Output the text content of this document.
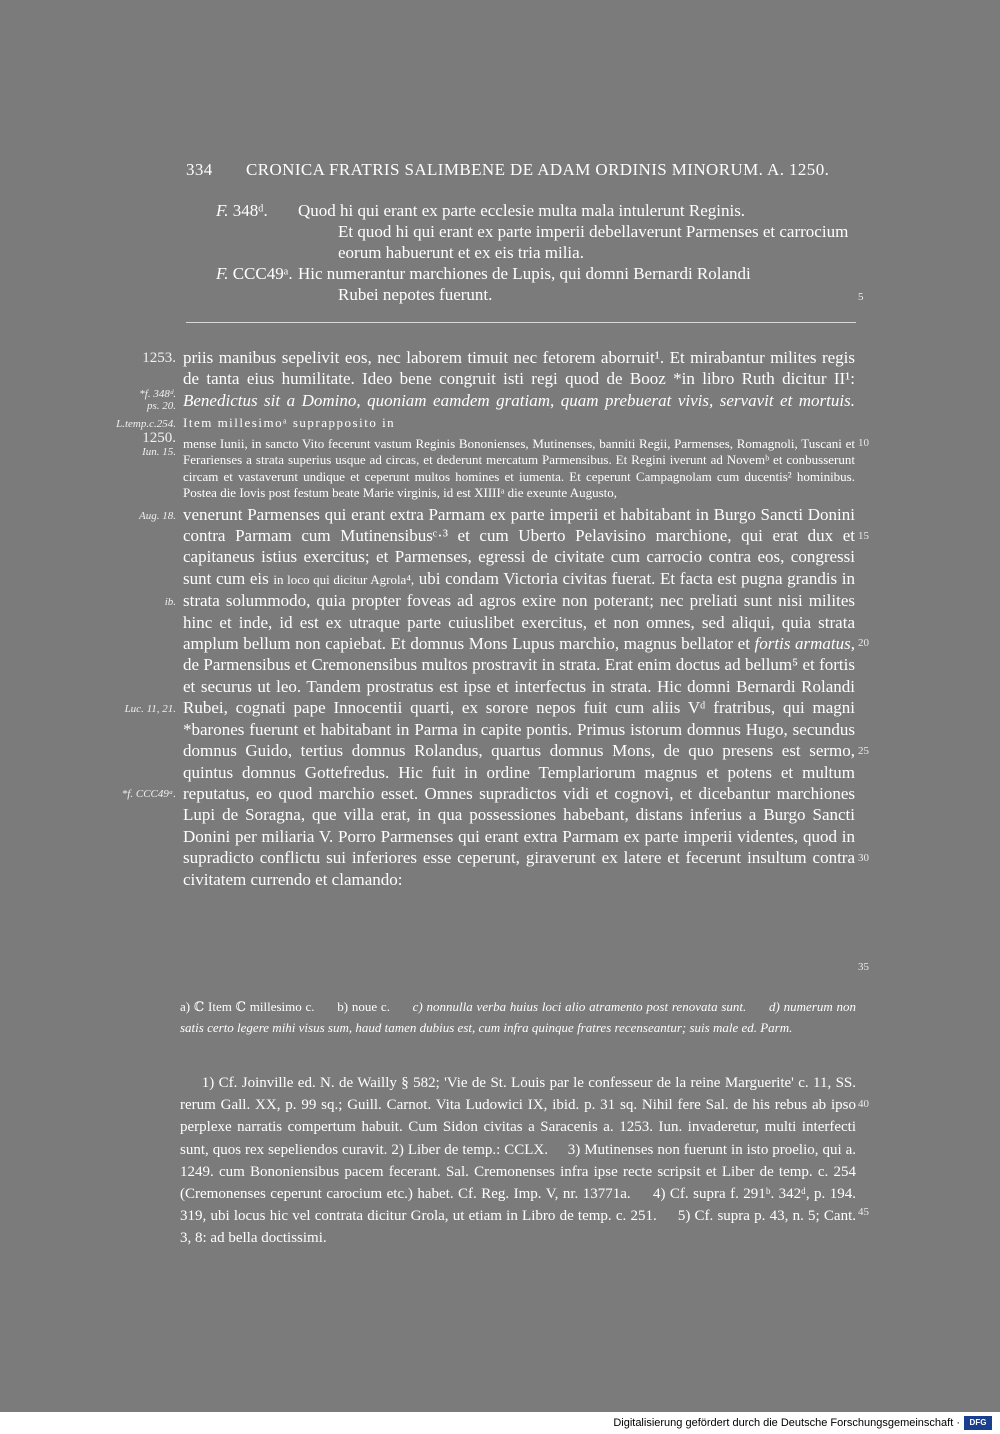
334 CRONICA FRATRIS SALIMBENE DE ADAM ORDINIS MINORUM. A. 1250.
F. 348ᵈ. Quod hi qui erant ex parte ecclesie multa mala intulerunt Reginis.
Et quod hi qui erant ex parte imperii debellaverunt Parmenses et carrocium eorum habuerunt et ex eis tria milia.
F. CCC49ᵃ. Hic numerantur marchiones de Lupis, qui domni Bernardi Rolandi
Rubei nepotes fuerunt.	5
1253.
*f. 348ᵈ.
ps. 20.
L.temp.c.254.
1250.
Iun. 15.
Aug. 18.
ib.
Luc. 11, 21.
*f. CCC49ᵃ.
10
15
20
25
30
35
40
45

priis manibus sepelivit eos, nec laborem timuit nec fetorem aborruit¹. Et mirabantur milites regis de tanta eius humilitate. Ideo bene congruit isti regi quod de Booz *in libro Ruth dicitur II¹: Benedictus sit a Domino, quoniam eamdem gratiam, quam prebuerat vivis, servavit et mortuis. Item millesimoᵃ suprapposito in
mense Iunii, in sancto Vito fecerunt vastum Reginis Bononienses, Mutinenses, banniti Regii, Parmenses, Romagnoli, Tuscani et Ferarienses a strata superius usque ad circas, et dederunt mercatum Parmensibus. Et Regini iverunt ad Novemᵇ et conbusserunt circam et vastaverunt undique et ceperunt multos homines et iumenta. Et ceperunt Campagnolam cum ducentis² hominibus. Postea die Iovis post festum beate Marie virginis, id est XIIIIᵃ die exeunte Augusto,
venerunt Parmenses qui erant extra Parmam ex parte imperii et habitabant in Burgo Sancti Donini contra Parmam cum Mutinensibusᶜ·³ et cum Uberto Pelavisino marchione, qui erat dux et capitaneus istius exercitus; et Parmenses, egressi de civitate cum carrocio contra eos, congressi sunt cum eis in loco qui dicitur Agrola⁴, ubi condam Victoria civitas fuerat. Et facta est pugna grandis in strata solummodo, quia propter foveas ad agros exire non poterant; nec preliati sunt nisi milites hinc et inde, id est ex utraque parte cuiuslibet exercitus, et non omnes, sed aliqui, quia strata amplum bellum non capiebat. Et domnus Mons Lupus marchio, magnus bellator et fortis armatus, de Parmensibus et Cremonensibus multos prostravit in strata. Erat enim doctus ad bellum⁵ et fortis et securus ut leo. Tandem prostratus est ipse et interfectus in strata. Hic domni Bernardi Rolandi Rubei, cognati pape Innocentii quarti, ex sorore nepos fuit cum aliis Vᵈ fratribus, qui magni *barones fuerunt et habitabant in Parma in capite pontis. Primus istorum domnus Hugo, secundus domnus Guido, tertius domnus Rolandus, quartus domnus Mons, de quo presens est sermo, quintus domnus Gottefredus. Hic fuit in ordine Templariorum magnus et potens et multum reputatus, eo quod marchio esset. Omnes supradictos vidi et cognovi, et dicebantur marchiones Lupi de Soragna, que villa erat, in qua possessiones habebant, distans inferius a Burgo Sancti Donini per miliaria V. Porro Parmenses qui erant extra Parmam ex parte imperii videntes, quod in supradicto conflictu sui inferiores esse ceperunt, giraverunt ex latere et fecerunt insultum contra civitatem currendo et clamando:

a) ℂ Item ℂ millesimo c. b) noue c. c) nonnulla verba huius loci alio atramento post renovata sunt. d) numerum non satis certo legere mihi visus sum, haud tamen dubius est, cum infra quinque fratres recenseantur; suis male ed. Parm.
1) Cf. Joinville ed. N. de Wailly § 582; 'Vie de St. Louis par le confesseur de la reine Marguerite' c. 11, SS. rerum Gall. XX, p. 99 sq.; Guill. Carnot. Vita Ludowici IX, ibid. p. 31 sq. Nihil fere Sal. de his rebus ab ipso perplexe narratis compertum habuit. Cum Sidon civitas a Saracenis a. 1253. Iun. invaderetur, multi interfecti sunt, quos rex sepeliendos curavit. 2) Liber de temp.: CCLX. 3) Mutinenses non fuerunt in isto proelio, qui a. 1249. cum Bononiensibus pacem fecerant. Sal. Cremonenses infra ipse recte scripsit et Liber de temp. c. 254 (Cremonenses ceperunt carocium etc.) habet. Cf. Reg. Imp. V, nr. 13771a. 4) Cf. supra f. 291ᵇ. 342ᵈ, p. 194. 319, ubi locus hic vel contrata dicitur Grola, ut etiam in Libro de temp. c. 251. 5) Cf. supra p. 43, n. 5; Cant. 3, 8: ad bella doctissimi.
Digitalisierung gefördert durch die Deutsche Forschungsgemeinschaft ·	DFG
